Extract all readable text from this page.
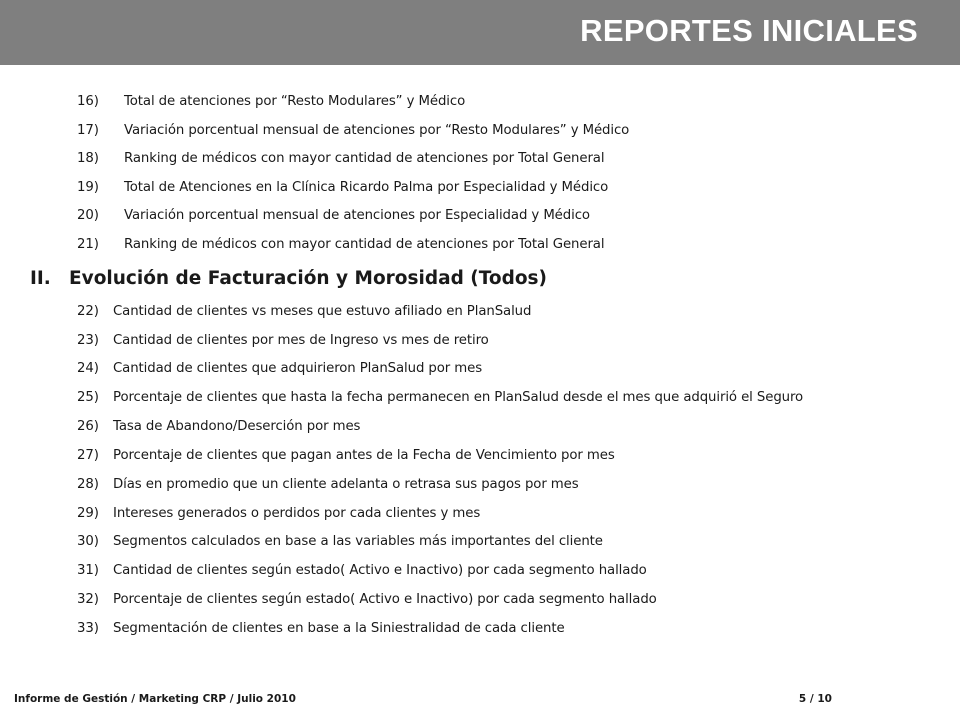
REPORTES INICIALES
16) Total de atenciones por “Resto Modulares” y Médico
17) Variación porcentual mensual de atenciones por “Resto Modulares” y Médico
18) Ranking de médicos con mayor cantidad de atenciones por Total General
19) Total de Atenciones en la Clínica Ricardo Palma por Especialidad y Médico
20) Variación porcentual mensual de atenciones por Especialidad y Médico
21) Ranking de médicos con mayor cantidad de atenciones por Total General
II. Evolución de Facturación y Morosidad (Todos)
22) Cantidad de clientes vs meses que estuvo afiliado en PlanSalud
23) Cantidad de clientes por mes de Ingreso vs mes de retiro
24) Cantidad de clientes que adquirieron PlanSalud por mes
25) Porcentaje de clientes que hasta la fecha permanecen en PlanSalud desde el mes que adquirió el Seguro
26) Tasa de Abandono/Deserción por mes
27) Porcentaje de clientes que pagan antes de la Fecha de Vencimiento por mes
28) Días en promedio que un cliente adelanta o retrasa sus pagos por mes
29) Intereses generados o perdidos por cada clientes y mes
30) Segmentos calculados en base a las variables más importantes del cliente
31) Cantidad de clientes según estado( Activo e Inactivo) por cada segmento hallado
32) Porcentaje de clientes según estado( Activo e Inactivo) por cada segmento hallado
33) Segmentación de clientes en base a la Siniestralidad de cada cliente
Informe de Gestión / Marketing CRP / Julio 2010	5 / 10
